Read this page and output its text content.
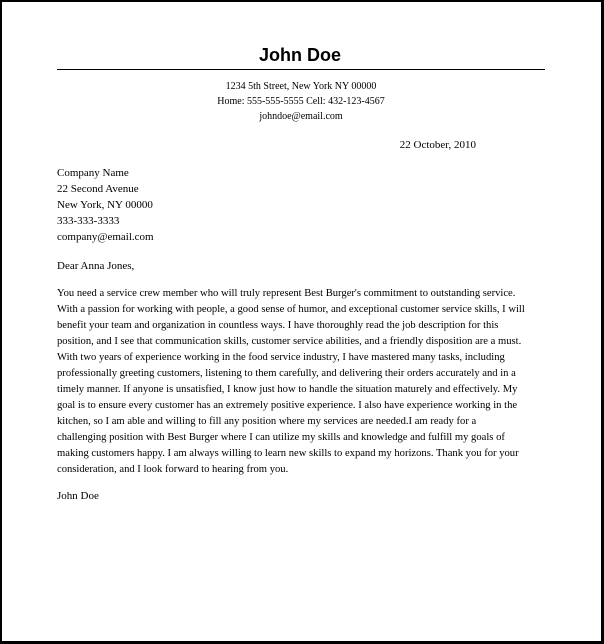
John Doe
1234 5th Street, New York NY 00000
Home: 555-555-5555 Cell: 432-123-4567
johndoe@email.com
22 October, 2010
Company Name
22 Second Avenue
New York, NY 00000
333-333-3333
company@email.com
Dear Anna Jones,
You need a service crew member who will truly represent Best Burger's commitment to outstanding service.
With a passion for working with people, a good sense of humor, and exceptional customer service skills, I will
benefit your team and organization in countless ways. I have thoroughly read the job description for this
position, and I see that communication skills, customer service abilities, and a friendly disposition are a must.
With two years of experience working in the food service industry, I have mastered many tasks, including
professionally greeting customers, listening to them carefully, and delivering their orders accurately and in a
timely manner. If anyone is unsatisfied, I know just how to handle the situation maturely and effectively. My
goal is to ensure every customer has an extremely positive experience. I also have experience working in the
kitchen, so I am able and willing to fill any position where my services are needed.I am ready for a
challenging position with Best Burger where I can utilize my skills and knowledge and fulfill my goals of
making customers happy. I am always willing to learn new skills to expand my horizons. Thank you for your
consideration, and I look forward to hearing from you.
John Doe
